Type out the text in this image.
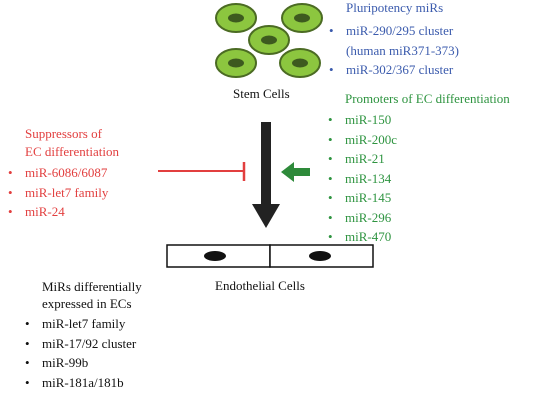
Pluripotency miRs
• miR-290/295 cluster
(human miR371-373)
• miR-302/367 cluster
Stem Cells	Promoters of EC differentiation
• miR-150
• miR-200c
• miR-21
• miR-134
• miR-145
• miR-296
• miR-470
Suppressors of
EC differentiation
• miR-6086/6087
• miR-let7 family
• miR-24
Endothelial Cells
MiRs differentially
expressed in ECs
• miR-let7 family
• miR-17/92 cluster
• miR-99b
• miR-181a/181b
